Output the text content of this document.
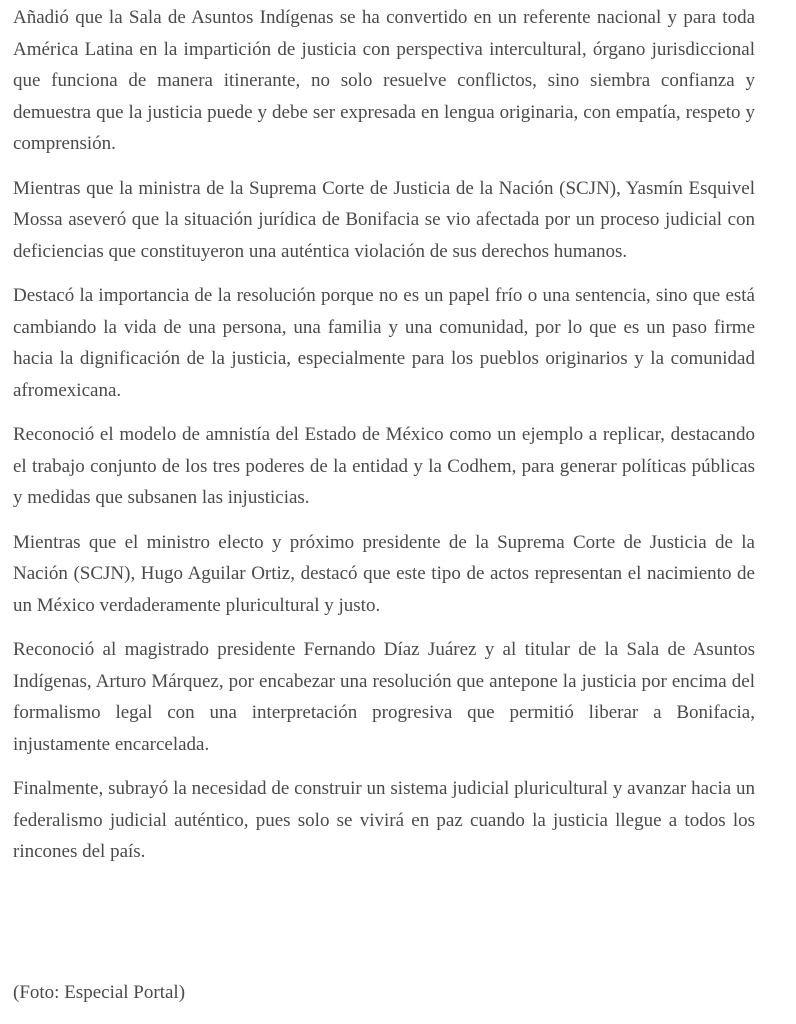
Añadió que la Sala de Asuntos Indígenas se ha convertido en un referente nacional y para toda América Latina en la impartición de justicia con perspectiva intercultural, órgano jurisdiccional que funciona de manera itinerante, no solo resuelve conflictos, sino siembra confianza y demuestra que la justicia puede y debe ser expresada en lengua originaria, con empatía, respeto y comprensión.

Mientras que la ministra de la Suprema Corte de Justicia de la Nación (SCJN), Yasmín Esquivel Mossa aseveró que la situación jurídica de Bonifacia se vio afectada por un proceso judicial con deficiencias que constituyeron una auténtica violación de sus derechos humanos.

Destacó la importancia de la resolución porque no es un papel frío o una sentencia, sino que está cambiando la vida de una persona, una familia y una comunidad, por lo que es un paso firme hacia la dignificación de la justicia, especialmente para los pueblos originarios y la comunidad afromexicana.

Reconoció el modelo de amnistía del Estado de México como un ejemplo a replicar, destacando el trabajo conjunto de los tres poderes de la entidad y la Codhem, para generar políticas públicas y medidas que subsanen las injusticias.

Mientras que el ministro electo y próximo presidente de la Suprema Corte de Justicia de la Nación (SCJN), Hugo Aguilar Ortiz, destacó que este tipo de actos representan el nacimiento de un México verdaderamente pluricultural y justo.

Reconoció al magistrado presidente Fernando Díaz Juárez y al titular de la Sala de Asuntos Indígenas, Arturo Márquez, por encabezar una resolución que antepone la justicia por encima del formalismo legal con una interpretación progresiva que permitió liberar a Bonifacia, injustamente encarcelada.

Finalmente, subrayó la necesidad de construir un sistema judicial pluricultural y avanzar hacia un federalismo judicial auténtico, pues solo se vivirá en paz cuando la justicia llegue a todos los rincones del país.

(Foto: Especial Portal)
